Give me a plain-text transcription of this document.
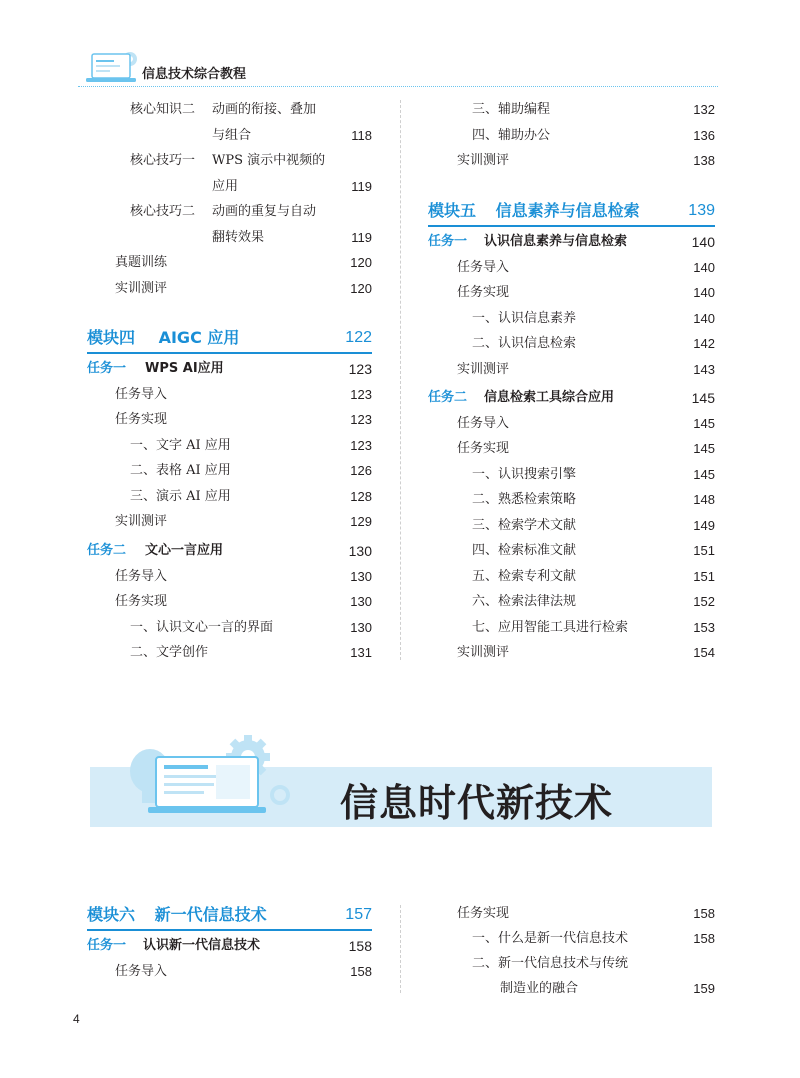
信息技术综合教程
核心知识二 动画的衔接、叠加
与组合	118
核心技巧一 WPS 演示中视频的
应用	119
核心技巧二 动画的重复与自动
翻转效果	119
真题训练	120
实训测评	120
模块四 AIGC 应用	122
任务一 WPS AI应用	123
任务导入	123
任务实现	123
一、文字 AI 应用	123
二、表格 AI 应用	126
三、演示 AI 应用	128
实训测评	129
任务二 文心一言应用	130
任务导入	130
任务实现	130
一、认识文心一言的界面	130
二、文学创作	131
三、辅助编程	132
四、辅助办公	136
实训测评	138
模块五 信息素养与信息检索	139
任务一 认识信息素养与信息检索	140
任务导入	140
任务实现	140
一、认识信息素养	140
二、认识信息检索	142
实训测评	143
任务二 信息检索工具综合应用	145
任务导入	145
任务实现	145
一、认识搜索引擎	145
二、熟悉检索策略	148
三、检索学术文献	149
四、检索标准文献	151
五、检索专利文献	151
六、检索法律法规	152
七、应用智能工具进行检索	153
实训测评	154
信息时代新技术
模块六 新一代信息技术	157
任务一 认识新一代信息技术	158
任务导入	158
任务实现	158
一、什么是新一代信息技术	158
二、新一代信息技术与传统
制造业的融合	159
4
